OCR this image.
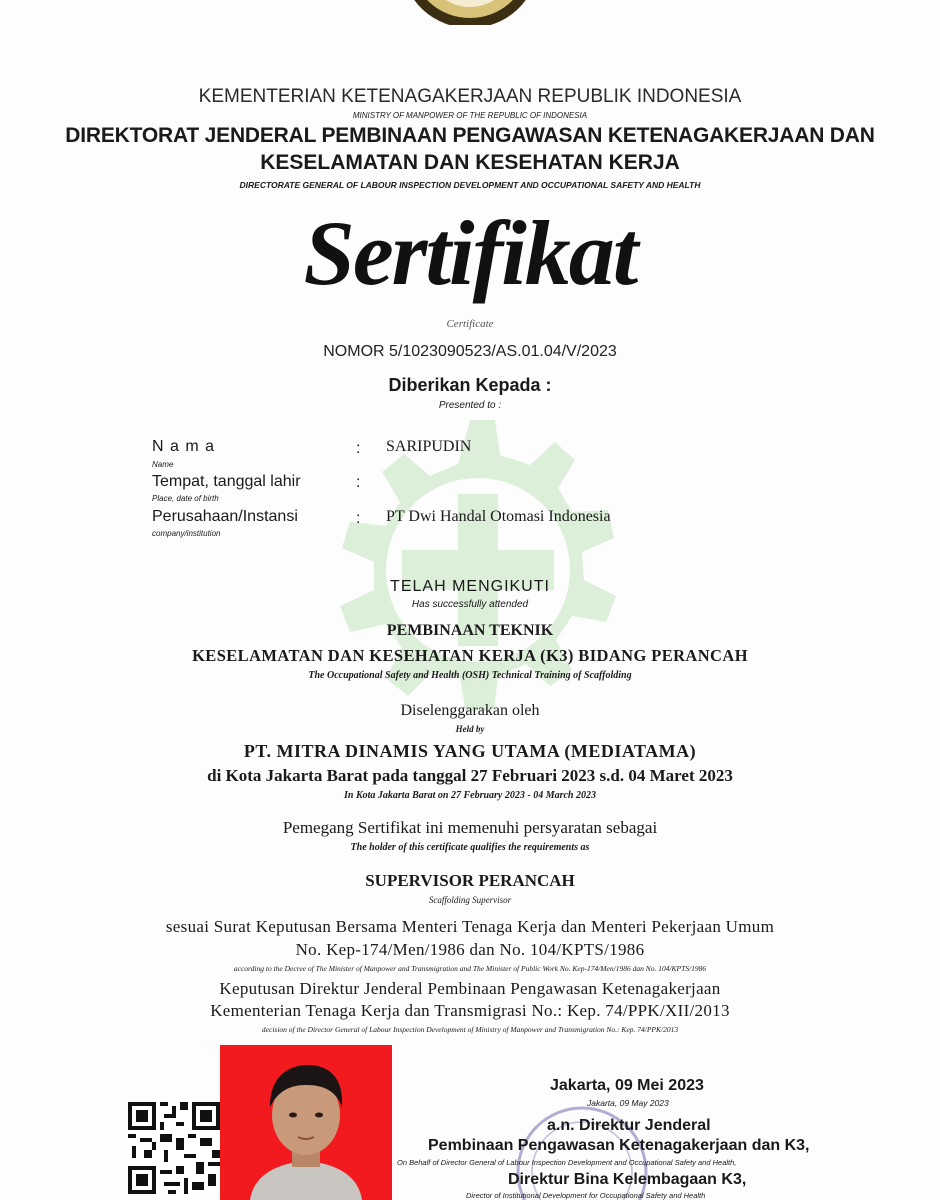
KEMENTERIAN KETENAGAKERJAAN REPUBLIK INDONESIA
MINISTRY OF MANPOWER OF THE REPUBLIC OF INDONESIA
DIREKTORAT JENDERAL PEMBINAAN PENGAWASAN KETENAGAKERJAAN DAN
KESELAMATAN DAN KESEHATAN KERJA
DIRECTORATE GENERAL OF LABOUR INSPECTION DEVELOPMENT AND OCCUPATIONAL SAFETY AND HEALTH
Sertifikat
Certificate
NOMOR 5/1023090523/AS.01.04/V/2023
Diberikan Kepada :
Presented to :
N a m a
Name
: SARIPUDIN
Tempat, tanggal lahir
Place, date of birth
:
Perusahaan/Instansi
company/institution
: PT Dwi Handal Otomasi Indonesia
TELAH MENGIKUTI
Has successfully attended
PEMBINAAN TEKNIK
KESELAMATAN DAN KESEHATAN KERJA (K3) BIDANG PERANCAH
The Occupational Safety and Health (OSH) Technical Training of Scaffolding
Diselenggarakan oleh
Held by
PT. MITRA DINAMIS YANG UTAMA (MEDIATAMA)
di Kota Jakarta Barat pada tanggal 27 Februari 2023 s.d. 04 Maret 2023
In Kota Jakarta Barat on 27 February 2023 - 04 March 2023
Pemegang Sertifikat ini memenuhi persyaratan sebagai
The holder of this certificate qualifies the requirements as
SUPERVISOR PERANCAH
Scaffolding Supervisor
sesuai Surat Keputusan Bersama Menteri Tenaga Kerja dan Menteri Pekerjaan Umum
No. Kep-174/Men/1986 dan No. 104/KPTS/1986
according to the Decree of The Minister of Manpower and Transmigration and The Minister of Public Work No. Kep-174/Men/1986 dan No. 104/KPTS/1986
Keputusan Direktur Jenderal Pembinaan Pengawasan Ketenagakerjaan
Kementerian Tenaga Kerja dan Transmigrasi No.: Kep. 74/PPK/XII/2013
decision of the Director General of Labour Inspection Development of Ministry of Manpower and Transmigration No.: Kep. 74/PPK/2013
Jakarta, 09 Mei 2023
Jakarta, 09 May 2023
a.n. Direktur Jenderal
Pembinaan Pengawasan Ketenagakerjaan dan K3,
On Behalf of Director General of Labour Inspection Development and Occupational Safety and Health,
Direktur Bina Kelembagaan K3,
Director of Institutional Development for Occupational Safety and Health
